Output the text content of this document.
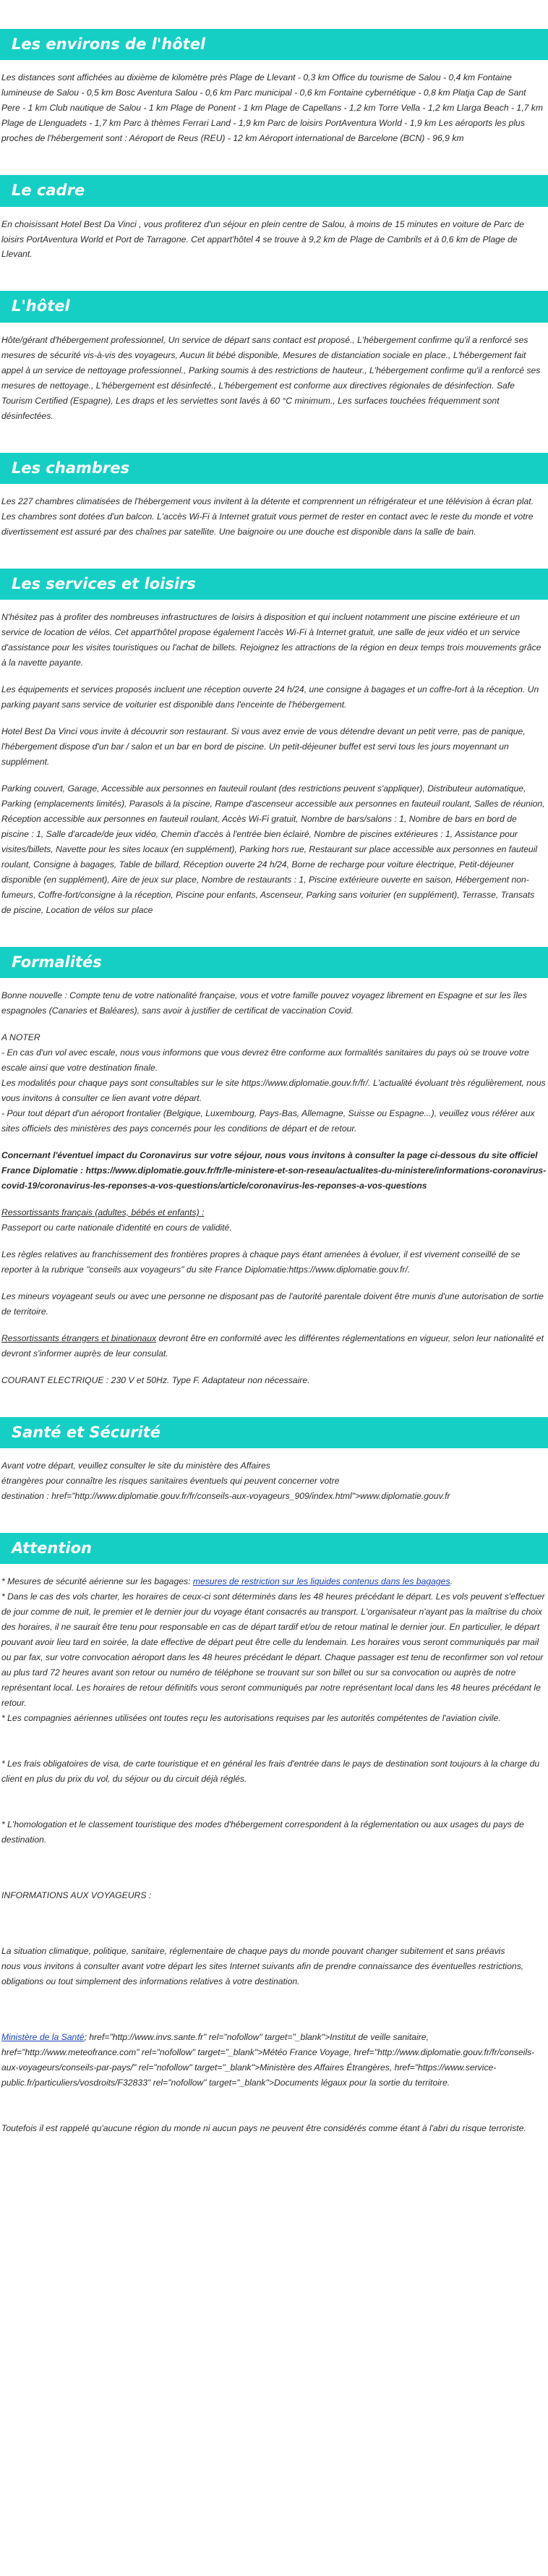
Les environs de l'hôtel

Les distances sont affichées au dixième de kilomètre près Plage de Llevant - 0,3 km Office du tourisme de Salou - 0,4 km Fontaine lumineuse de Salou - 0,5 km Bosc Aventura Salou - 0,6 km Parc municipal - 0,6 km Fontaine cybernétique - 0,8 km Platja Cap de Sant Pere - 1 km Club nautique de Salou - 1 km Plage de Ponent - 1 km Plage de Capellans - 1,2 km Torre Vella - 1,2 km Llarga Beach - 1,7 km Plage de Llenguadets - 1,7 km Parc à thèmes Ferrari Land - 1,9 km Parc de loisirs PortAventura World - 1,9 km Les aéroports les plus proches de l'hébergement sont : Aéroport de Reus (REU) - 12 km Aéroport international de Barcelone (BCN) - 96,9 km

Le cadre

En choisissant Hotel Best Da Vinci , vous profiterez d'un séjour en plein centre de Salou, à moins de 15 minutes en voiture de Parc de loisirs PortAventura World et Port de Tarragone. Cet appart'hôtel 4 se trouve à 9,2 km de Plage de Cambrils et à 0,6 km de Plage de Llevant.

L'hôtel

Hôte/gérant d'hébergement professionnel, Un service de départ sans contact est proposé., L'hébergement confirme qu'il a renforcé ses mesures de sécurité vis-à-vis des voyageurs, Aucun lit bébé disponible, Mesures de distanciation sociale en place., L'hébergement fait appel à un service de nettoyage professionnel., Parking soumis à des restrictions de hauteur., L'hébergement confirme qu'il a renforcé ses mesures de nettoyage., L'hébergement est désinfecté., L'hébergement est conforme aux directives régionales de désinfection. Safe Tourism Certified (Espagne), Les draps et les serviettes sont lavés à 60 °C minimum., Les surfaces touchées fréquemment sont désinfectées.

Les chambres

Les 227 chambres climatisées de l'hébergement vous invitent à la détente et comprennent un réfrigérateur et une télévision à écran plat. Les chambres sont dotées d'un balcon. L'accès Wi-Fi à Internet gratuit vous permet de rester en contact avec le reste du monde et votre divertissement est assuré par des chaînes par satellite. Une baignoire ou une douche est disponible dans la salle de bain.

Les services et loisirs

N'hésitez pas à profiter des nombreuses infrastructures de loisirs à disposition et qui incluent notamment une piscine extérieure et un service de location de vélos. Cet appart'hôtel propose également l'accès Wi-Fi à Internet gratuit, une salle de jeux vidéo et un service d'assistance pour les visites touristiques ou l'achat de billets. Rejoignez les attractions de la région en deux temps trois mouvements grâce à la navette payante.

Les équipements et services proposés incluent une réception ouverte 24 h/24, une consigne à bagages et un coffre-fort à la réception. Un parking payant sans service de voiturier est disponible dans l'enceinte de l'hébergement.

Hotel Best Da Vinci vous invite à découvrir son restaurant. Si vous avez envie de vous détendre devant un petit verre, pas de panique, l'hébergement dispose d'un bar / salon et un bar en bord de piscine. Un petit-déjeuner buffet est servi tous les jours moyennant un supplément.

Parking couvert, Garage, Accessible aux personnes en fauteuil roulant (des restrictions peuvent s'appliquer), Distributeur automatique, Parking (emplacements limités), Parasols à la piscine, Rampe d'ascenseur accessible aux personnes en fauteuil roulant, Salles de réunion, Réception accessible aux personnes en fauteuil roulant, Accès Wi-Fi gratuit, Nombre de bars/salons : 1, Nombre de bars en bord de piscine : 1, Salle d'arcade/de jeux vidéo, Chemin d'accès à l'entrée bien éclairé, Nombre de piscines extérieures : 1, Assistance pour visites/billets, Navette pour les sites locaux (en supplément), Parking hors rue, Restaurant sur place accessible aux personnes en fauteuil roulant, Consigne à bagages, Table de billard, Réception ouverte 24 h/24, Borne de recharge pour voiture électrique, Petit-déjeuner disponible (en supplément), Aire de jeux sur place, Nombre de restaurants : 1, Piscine extérieure ouverte en saison, Hébergement non-fumeurs, Coffre-fort/consigne à la réception, Piscine pour enfants, Ascenseur, Parking sans voiturier (en supplément), Terrasse, Transats de piscine, Location de vélos sur place

Formalités

Bonne nouvelle : Compte tenu de votre nationalité française, vous et votre famille pouvez voyagez librement en Espagne et sur les îles espagnoles (Canaries et Baléares), sans avoir à justifier de certificat de vaccination Covid.

A NOTER

- En cas d'un vol avec escale, nous vous informons que vous devrez être conforme aux formalités sanitaires du pays où se trouve votre escale ainsi que votre destination finale.

Les modalités pour chaque pays sont consultables sur le site https://www.diplomatie.gouv.fr/fr/. L'actualité évoluant très régulièrement, nous vous invitons à consulter ce lien avant votre départ.

- Pour tout départ d'un aéroport frontalier (Belgique, Luxembourg, Pays-Bas, Allemagne, Suisse ou Espagne...), veuillez vous référer aux sites officiels des ministères des pays concernés pour les conditions de départ et de retour.

Concernant l'éventuel impact du Coronavirus sur votre séjour, nous vous invitons à consulter la page ci-dessous du site officiel France Diplomatie : https://www.diplomatie.gouv.fr/fr/le-ministere-et-son-reseau/actualites-du-ministere/informations-coronavirus-covid-19/coronavirus-les-reponses-a-vos-questions/article/coronavirus-les-reponses-a-vos-questions

Ressortissants français (adultes, bébés et enfants) :

Passeport ou carte nationale d'identité en cours de validité.

Les règles relatives au franchissement des frontières propres à chaque pays étant amenées à évoluer, il est vivement conseillé de se reporter à la rubrique "conseils aux voyageurs" du site France Diplomatie:https://www.diplomatie.gouv.fr/.

Les mineurs voyageant seuls ou avec une personne ne disposant pas de l'autorité parentale doivent être munis d'une autorisation de sortie de territoire.

Ressortissants étrangers et binationaux devront être en conformité avec les différentes réglementations en vigueur, selon leur nationalité et devront s'informer auprès de leur consulat.

COURANT ELECTRIQUE : 230 V et 50Hz. Type F. Adaptateur non nécessaire.

Santé et Sécurité

Avant votre départ, veuillez consulter le site du ministère des Affaires

étrangères pour connaître les risques sanitaires éventuels qui peuvent concerner votre

destination : href="http://www.diplomatie.gouv.fr/fr/conseils-aux-voyageurs_909/index.html">www.diplomatie.gouv.fr

Attention

* Mesures de sécurité aérienne sur les bagages: mesures de restriction sur les liquides contenus dans les bagages.

* Dans le cas des vols charter, les horaires de ceux-ci sont déterminés dans les 48 heures précédant le départ. Les vols peuvent s'effectuer de jour comme de nuit, le premier et le dernier jour du voyage étant consacrés au transport. L'organisateur n'ayant pas la maîtrise du choix des horaires, il ne saurait être tenu pour responsable en cas de départ tardif et/ou de retour matinal le dernier jour. En particulier, le départ pouvant avoir lieu tard en soirée, la date effective de départ peut être celle du lendemain. Les horaires vous seront communiqués par mail ou par fax, sur votre convocation aéroport dans les 48 heures précédant le départ. Chaque passager est tenu de reconfirmer son vol retour au plus tard 72 heures avant son retour ou numéro de téléphone se trouvant sur son billet ou sur sa convocation ou auprès de notre représentant local. Les horaires de retour définitifs vous seront communiqués par notre représentant local dans les 48 heures précédant le retour.

* Les compagnies aériennes utilisées ont toutes reçu les autorisations requises par les autorités compétentes de l'aviation civile.

* Les frais obligatoires de visa, de carte touristique et en général les frais d'entrée dans le pays de destination sont toujours à la charge du client en plus du prix du vol, du séjour ou du circuit déjà réglés.

* L'homologation et le classement touristique des modes d'hébergement correspondent à la réglementation ou aux usages du pays de destination.

INFORMATIONS AUX VOYAGEURS :

La situation climatique, politique, sanitaire, réglementaire de chaque pays du monde pouvant changer subitement et sans préavis

nous vous invitons à consulter avant votre départ les sites Internet suivants afin de prendre connaissance des éventuelles restrictions, obligations ou tout simplement des informations relatives à votre destination.

Ministère de la Santé; href="http://www.invs.sante.fr" rel="nofollow" target="_blank">Institut de veille sanitaire, href="http://www.meteofrance.com" rel="nofollow" target="_blank">Météo France Voyage, href="http://www.diplomatie.gouv.fr/fr/conseils-aux-voyageurs/conseils-par-pays/" rel="nofollow" target="_blank">Ministère des Affaires Étrangères, href="https://www.service-public.fr/particuliers/vosdroits/F32833" rel="nofollow" target="_blank">Documents légaux pour la sortie du territoire.

Toutefois il est rappelé qu'aucune région du monde ni aucun pays ne peuvent être considérés comme étant à l'abri du risque terroriste.
